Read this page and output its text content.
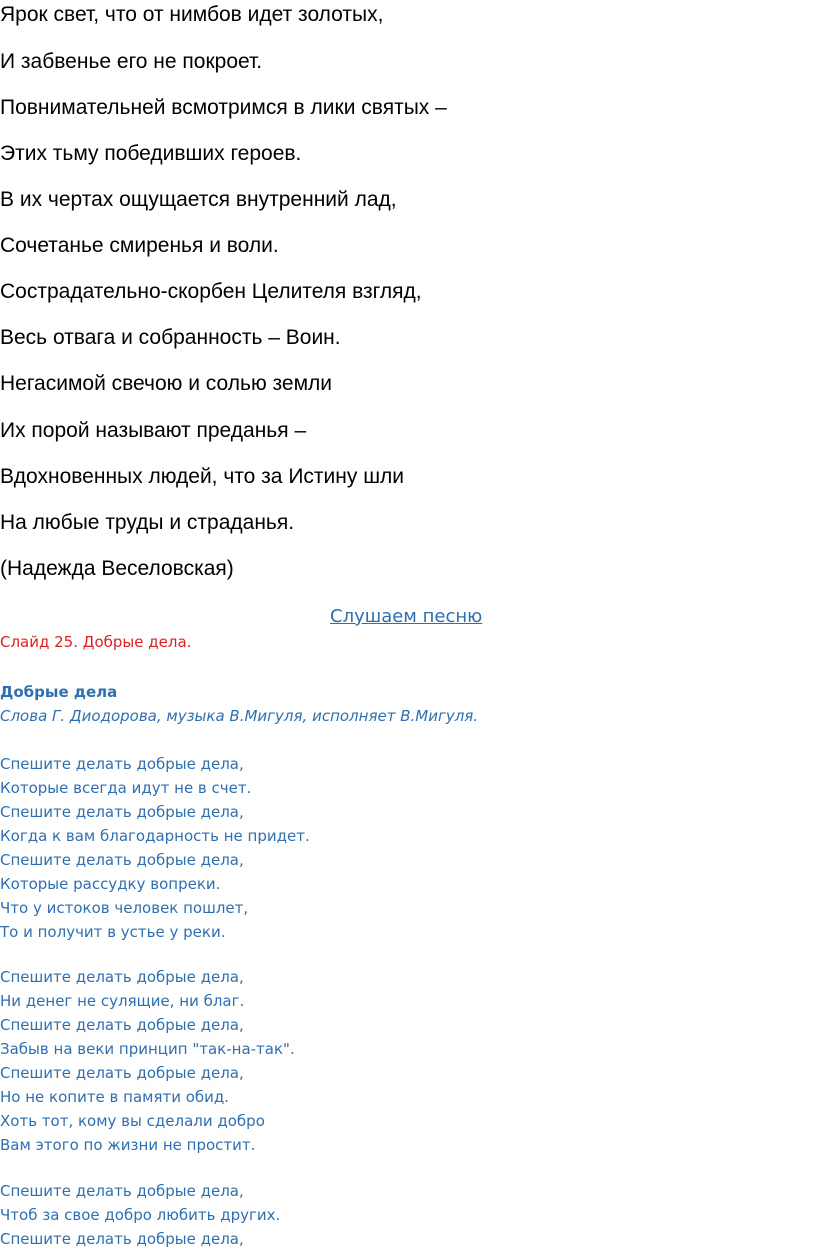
Ярок свет, что от нимбов идет золотых,
И забвенье его не покроет.
Повнимательней всмотримся в лики святых –
Этих тьму победивших героев.
В их чертах ощущается внутренний лад,
Сочетанье смиренья и воли.
Сострадательно-скорбен Целителя взгляд,
Весь отвага и собранность – Воин.
Негасимой свечою и солью земли
Их порой называют преданья –
Вдохновенных людей, что за Истину шли
На любые труды и страданья.
(Надежда Веселовская)
Слушаем песню
Слайд 25. Добрые дела.
Добрые дела
Слова Г. Диодорова, музыка В.Мигуля, исполняет В.Мигуля.
Спешите делать добрые дела,
Которые всегда идут не в счет.
Спешите делать добрые дела,
Когда к вам благодарность не придет.
Спешите делать добрые дела,
Которые рассудку вопреки.
Что у истоков человек пошлет,
То и получит в устье у реки.
Спешите делать добрые дела,
Ни денег не сулящие, ни благ.
Спешите делать добрые дела,
Забыв на веки принцип "так-на-так".
Спешите делать добрые дела,
Но не копите в памяти обид.
Хоть тот, кому вы сделали добро
Вам этого по жизни не простит.
Спешите делать добрые дела,
Чтоб за свое добро любить других.
Спешите делать добрые дела,
